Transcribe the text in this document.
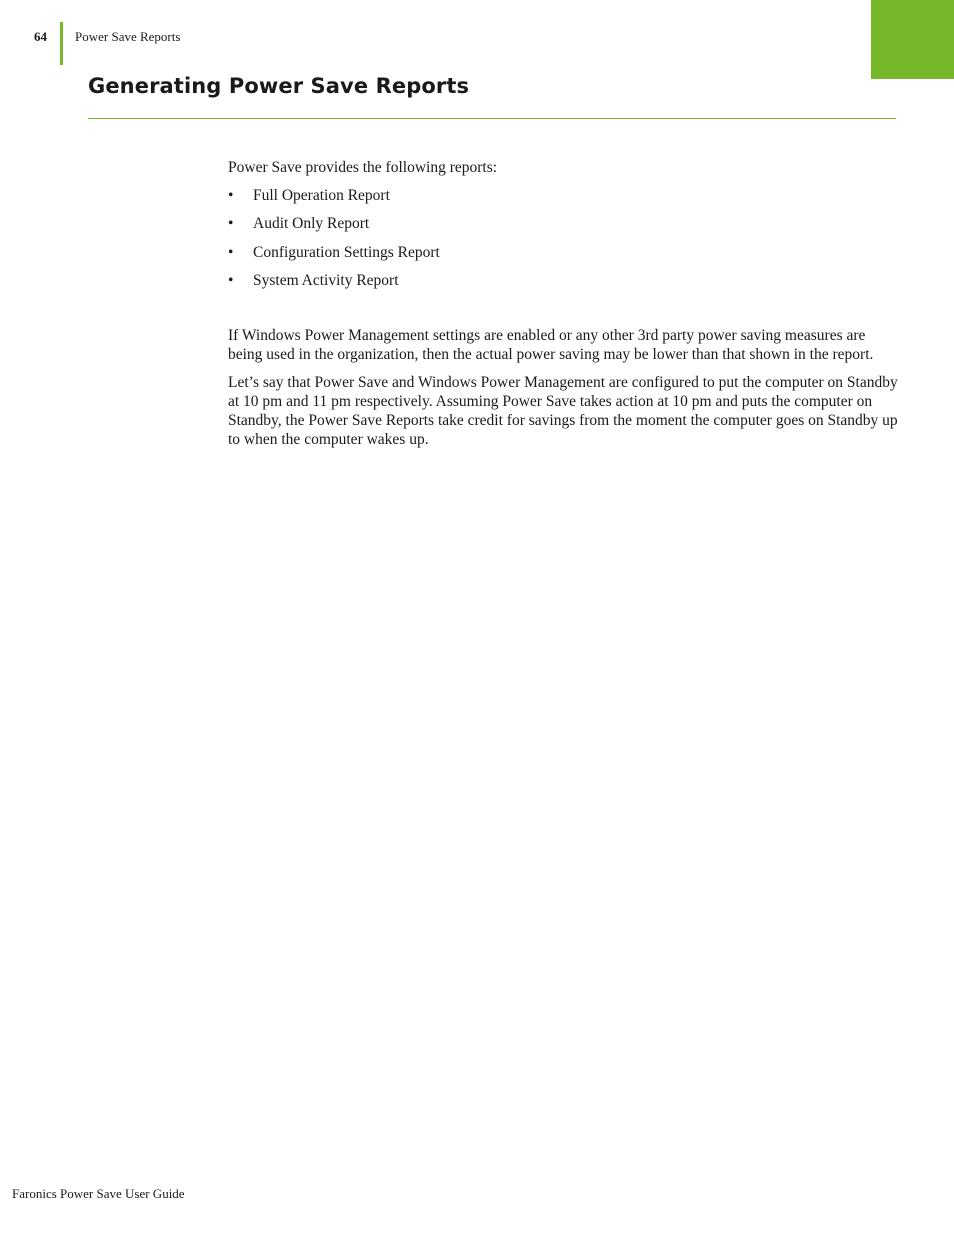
64 Power Save Reports
Generating Power Save Reports

Power Save provides the following reports:

• Full Operation Report
• Audit Only Report
• Configuration Settings Report
• System Activity Report

If Windows Power Management settings are enabled or any other 3rd party power saving measures are being used in the organization, then the actual power saving may be lower than that shown in the report.

Let’s say that Power Save and Windows Power Management are configured to put the computer on Standby at 10 pm and 11 pm respectively. Assuming Power Save takes action at 10 pm and puts the computer on Standby, the Power Save Reports take credit for savings from the moment the computer goes on Standby up to when the computer wakes up.

Faronics Power Save User Guide
